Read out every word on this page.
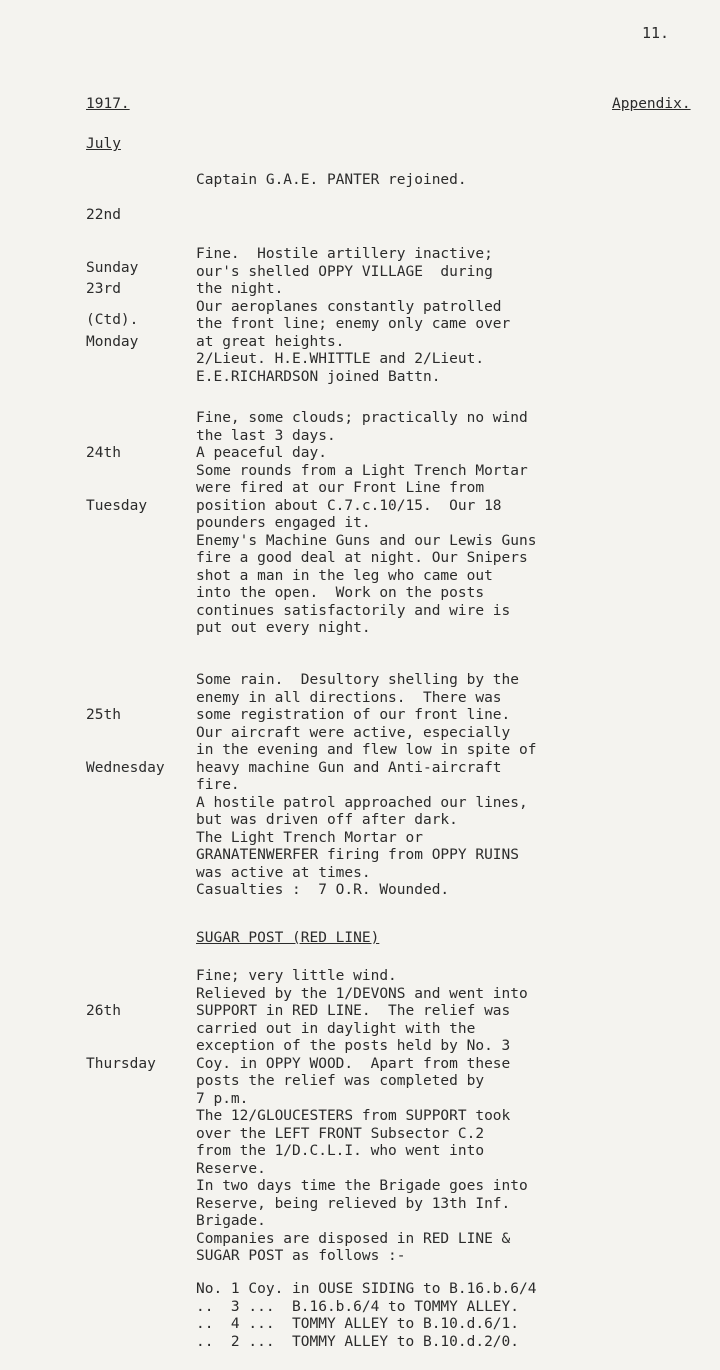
11.
1917.	Appendix.
July

22nd

Sunday

(Ctd).

Captain G.A.E. PANTER rejoined.

23rd

Monday

Fine.  Hostile artillery inactive;
our's shelled OPPY VILLAGE  during
the night.
Our aeroplanes constantly patrolled
the front line; enemy only came over
at great heights.
2/Lieut. H.E.WHITTLE and 2/Lieut.
E.E.RICHARDSON joined Battn.

24th

Tuesday

Fine, some clouds; practically no wind
the last 3 days.
A peaceful day.
Some rounds from a Light Trench Mortar
were fired at our Front Line from
position about C.7.c.10/15.  Our 18
pounders engaged it.
Enemy's Machine Guns and our Lewis Guns
fire a good deal at night. Our Snipers
shot a man in the leg who came out
into the open.  Work on the posts
continues satisfactorily and wire is
put out every night.

25th

Wednesday

Some rain.  Desultory shelling by the
enemy in all directions.  There was
some registration of our front line.
Our aircraft were active, especially
in the evening and flew low in spite of
heavy machine Gun and Anti-aircraft
fire.
A hostile patrol approached our lines,
but was driven off after dark.
The Light Trench Mortar or
GRANATENWERFER firing from OPPY RUINS
was active at times.
Casualties :  7 O.R. Wounded.
SUGAR POST (RED LINE)

26th

Thursday

Fine; very little wind.
Relieved by the 1/DEVONS and went into
SUPPORT in RED LINE.  The relief was
carried out in daylight with the
exception of the posts held by No. 3
Coy. in OPPY WOOD.  Apart from these
posts the relief was completed by
7 p.m.
The 12/GLOUCESTERS from SUPPORT took
over the LEFT FRONT Subsector C.2
from the 1/D.C.L.I. who went into
Reserve.
In two days time the Brigade goes into
Reserve, being relieved by 13th Inf.
Brigade.
Companies are disposed in RED LINE &
SUGAR POST as follows :-
No. 1 Coy. in OUSE SIDING to B.16.b.6/4
..  3 ...  B.16.b.6/4 to TOMMY ALLEY.
..  4 ...  TOMMY ALLEY to B.10.d.6/1.
..  2 ...  TOMMY ALLEY to B.10.d.2/0.
